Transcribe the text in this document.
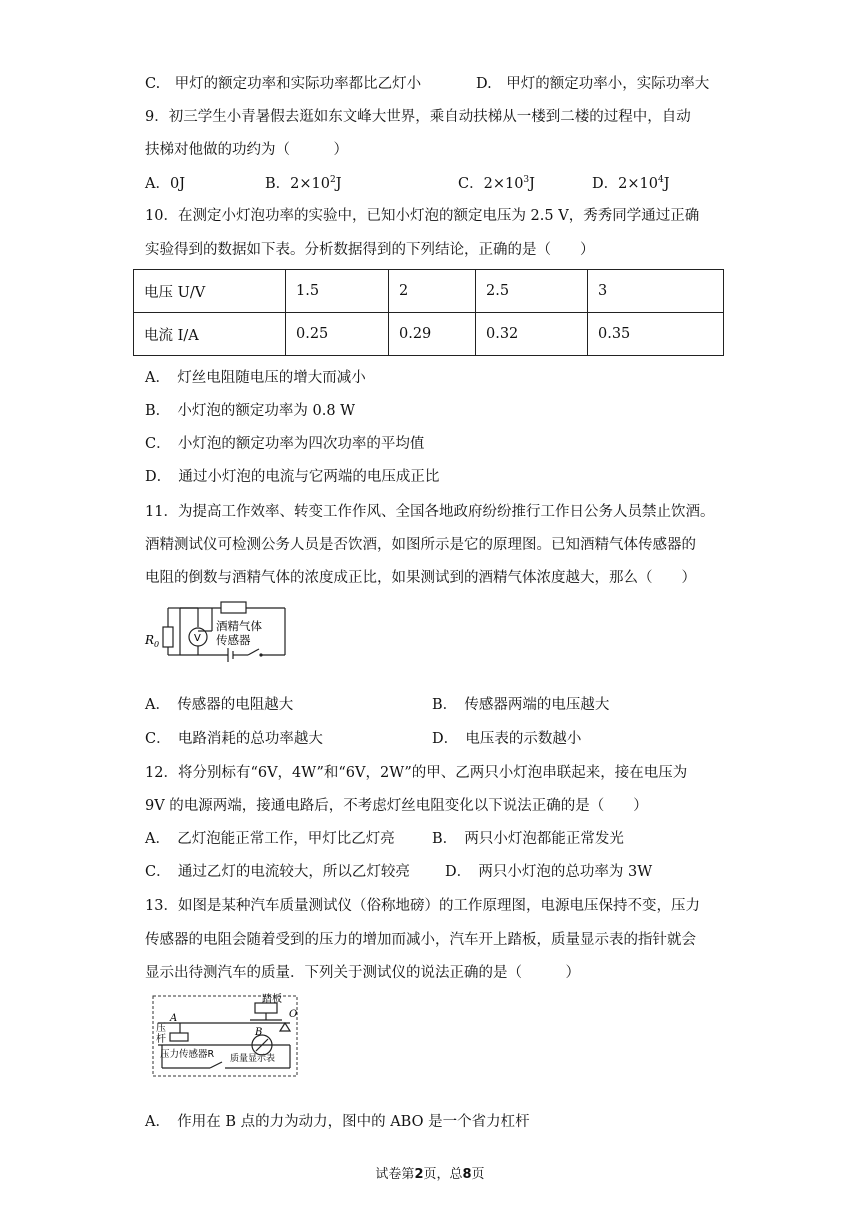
C.　甲灯的额定功率和实际功率都比乙灯小	D.　甲灯的额定功率小，实际功率大
9．初三学生小青暑假去逛如东文峰大世界，乘自动扶梯从一楼到二楼的过程中，自动
扶梯对他做的功约为（　　　）
A．0J	B．$2\times 10^2J$	C．$2\times 10^3J$	D．$2\times 10^4J$
10．在测定小灯泡功率的实验中，已知小灯泡的额定电压为 2.5 V，秀秀同学通过正确
实验得到的数据如下表。分析数据得到的下列结论，正确的是（　　）
电压 U/V	1.5	2	2.5	3
电流 I/A	0.25	0.29	0.32	0.35
A．　灯丝电阻随电压的增大而减小
B．　小灯泡的额定功率为 0.8 W
C．　小灯泡的额定功率为四次功率的平均值
D．　通过小灯泡的电流与它两端的电压成正比
11．为提高工作效率、转变工作作风、全国各地政府纷纷推行工作日公务人员禁止饮酒。
酒精测试仪可检测公务人员是否饮酒，如图所示是它的原理图。已知酒精气体传感器的
电阻的倒数与酒精气体的浓度成正比，如果测试到的酒精气体浓度越大，那么（　　）
$R_0$
V
酒精气体
传感器
A．　传感器的电阻越大	B．　传感器两端的电压越大
C．　电路消耗的总功率越大	D．　电压表的示数越小
12．将分别标有“6V，4W”和“6V，2W”的甲、乙两只小灯泡串联起来，接在电压为
9V 的电源两端，接通电路后，不考虑灯丝电阻变化以下说法正确的是（　　）
A．　乙灯泡能正常工作，甲灯比乙灯亮	B．　两只小灯泡都能正常发光
C．　通过乙灯的电流较大，所以乙灯较亮 D．　两只小灯泡的总功率为 3W
13．如图是某种汽车质量测试仪（俗称地磅）的工作原理图，电源电压保持不变，压力
传感器的电阻会随着受到的压力的增加而减小，汽车开上踏板，质量显示表的指针就会
显示出待测汽车的质量．下列关于测试仪的说法正确的是（　　　）
踏板
A	O
B
压
杆
压力传感器R 质量显示表
A．　作用在 B 点的力为动力，图中的 ABO 是一个省力杠杆
试卷第2页，总8页
